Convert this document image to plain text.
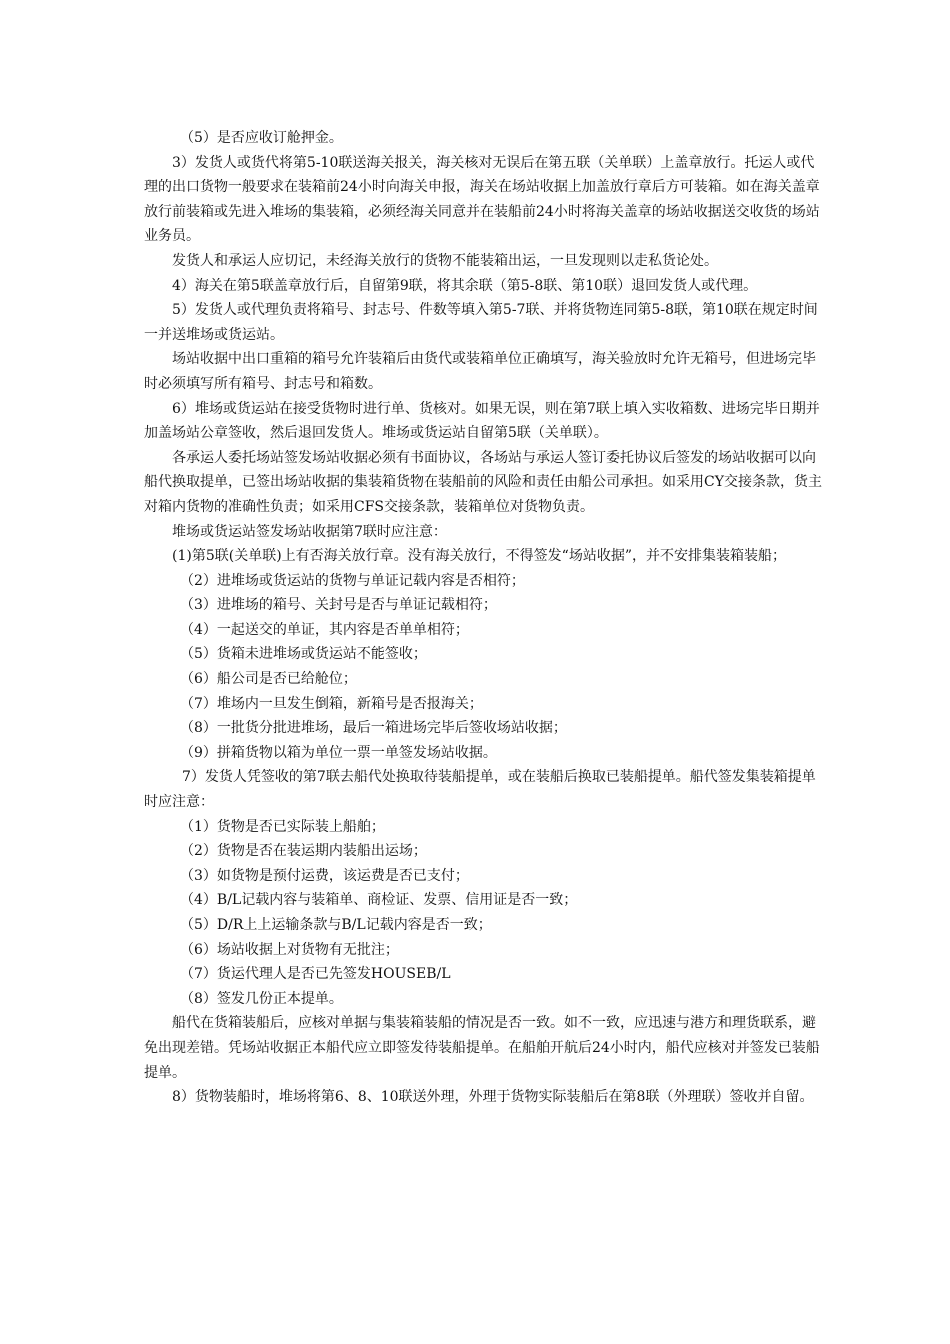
（5）是否应收订舱押金。

3）发货人或货代将第5-10联送海关报关，海关核对无误后在第五联（关单联）上盖章放行。托运人或代理的出口货物一般要求在装箱前24小时向海关申报，海关在场站收据上加盖放行章后方可装箱。如在海关盖章放行前装箱或先进入堆场的集装箱，必须经海关同意并在装船前24小时将海关盖章的场站收据送交收货的场站业务员。

发货人和承运人应切记，未经海关放行的货物不能装箱出运，一旦发现则以走私货论处。

4）海关在第5联盖章放行后，自留第9联，将其余联（第5-8联、第10联）退回发货人或代理。

5）发货人或代理负责将箱号、封志号、件数等填入第5-7联、并将货物连同第5-8联，第10联在规定时间一并送堆场或货运站。

场站收据中出口重箱的箱号允许装箱后由货代或装箱单位正确填写，海关验放时允许无箱号，但进场完毕时必须填写所有箱号、封志号和箱数。

6）堆场或货运站在接受货物时进行单、货核对。如果无误，则在第7联上填入实收箱数、进场完毕日期并加盖场站公章签收，然后退回发货人。堆场或货运站自留第5联（关单联）。

各承运人委托场站签发场站收据必须有书面协议，各场站与承运人签订委托协议后签发的场站收据可以向船代换取提单，已签出场站收据的集装箱货物在装船前的风险和责任由船公司承担。如采用CY交接条款，货主对箱内货物的准确性负责；如采用CFS交接条款，装箱单位对货物负责。

堆场或货运站签发场站收据第7联时应注意：

(1)第5联(关单联)上有否海关放行章。没有海关放行，不得签发“场站收据”，并不安排集装箱装船；

（2）进堆场或货运站的货物与单证记载内容是否相符；

（3）进堆场的箱号、关封号是否与单证记载相符；

（4）一起送交的单证，其内容是否单单相符；

（5）货箱未进堆场或货运站不能签收；

（6）船公司是否已给舱位；

（7）堆场内一旦发生倒箱，新箱号是否报海关；

（8）一批货分批进堆场，最后一箱进场完毕后签收场站收据；

（9）拼箱货物以箱为单位一票一单签发场站收据。

7）发货人凭签收的第7联去船代处换取待装船提单，或在装船后换取已装船提单。船代签发集装箱提单时应注意：

（1）货物是否已实际装上船舶；

（2）货物是否在装运期内装船出运场；

（3）如货物是预付运费，该运费是否已支付；

（4）B/L记载内容与装箱单、商检证、发票、信用证是否一致；

（5）D/R上上运输条款与B/L记载内容是否一致；

（6）场站收据上对货物有无批注；

（7）货运代理人是否已先签发HOUSEB/L

（8）签发几份正本提单。

船代在货箱装船后，应核对单据与集装箱装船的情况是否一致。如不一致，应迅速与港方和理货联系，避免出现差错。凭场站收据正本船代应立即签发待装船提单。在船舶开航后24小时内，船代应核对并签发已装船提单。

8）货物装船时，堆场将第6、8、10联送外理，外理于货物实际装船后在第8联（外理联）签收并自留。
